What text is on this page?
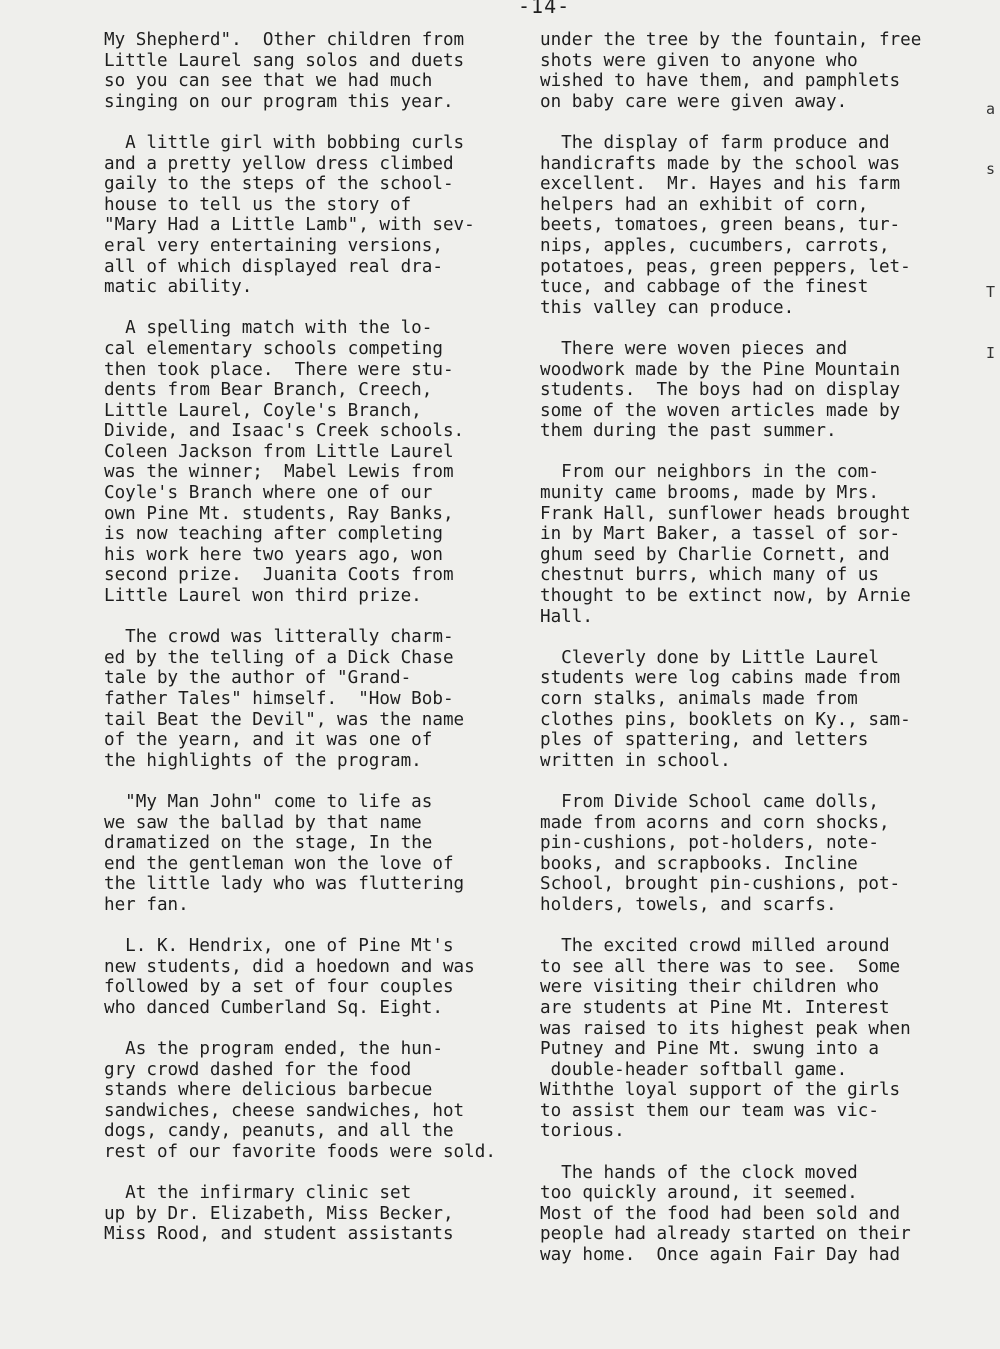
-14-

My Shepherd".  Other children from
Little Laurel sang solos and duets
so you can see that we had much
singing on our program this year.

A little girl with bobbing curls
and a pretty yellow dress climbed
gaily to the steps of the school-
house to tell us the story of
"Mary Had a Little Lamb", with sev-
eral very entertaining versions,
all of which displayed real dra-
matic ability.

A spelling match with the lo-
cal elementary schools competing
then took place.  There were stu-
dents from Bear Branch, Creech,
Little Laurel, Coyle's Branch,
Divide, and Isaac's Creek schools.
Coleen Jackson from Little Laurel
was the winner;  Mabel Lewis from
Coyle's Branch where one of our
own Pine Mt. students, Ray Banks,
is now teaching after completing
his work here two years ago, won
second prize.  Juanita Coots from
Little Laurel won third prize.

The crowd was litterally charm-
ed by the telling of a Dick Chase
tale by the author of "Grand-
father Tales" himself.  "How Bob-
tail Beat the Devil", was the name
of the yearn, and it was one of
the highlights of the program.

"My Man John" come to life as
we saw the ballad by that name
dramatized on the stage, In the
end the gentleman won the love of
the little lady who was fluttering
her fan.

L. K. Hendrix, one of Pine Mt's
new students, did a hoedown and was
followed by a set of four couples
who danced Cumberland Sq. Eight.

As the program ended, the hun-
gry crowd dashed for the food
stands where delicious barbecue
sandwiches, cheese sandwiches, hot
dogs, candy, peanuts, and all the
rest of our favorite foods were sold.

At the infirmary clinic set
up by Dr. Elizabeth, Miss Becker,
Miss Rood, and student assistants

under the tree by the fountain, free
shots were given to anyone who
wished to have them, and pamphlets
on baby care were given away.

The display of farm produce and
handicrafts made by the school was
excellent.  Mr. Hayes and his farm
helpers had an exhibit of corn,
beets, tomatoes, green beans, tur-
nips, apples, cucumbers, carrots,
potatoes, peas, green peppers, let-
tuce, and cabbage of the finest
this valley can produce.

There were woven pieces and
woodwork made by the Pine Mountain
students.  The boys had on display
some of the woven articles made by
them during the past summer.

From our neighbors in the com-
munity came brooms, made by Mrs.
Frank Hall, sunflower heads brought
in by Mart Baker, a tassel of sor-
ghum seed by Charlie Cornett, and
chestnut burrs, which many of us
thought to be extinct now, by Arnie
Hall.

Cleverly done by Little Laurel
students were log cabins made from
corn stalks, animals made from
clothes pins, booklets on Ky., sam-
ples of spattering, and letters
written in school.

From Divide School came dolls,
made from acorns and corn shocks,
pin-cushions, pot-holders, note-
books, and scrapbooks. Incline
School, brought pin-cushions, pot-
holders, towels, and scarfs.

The excited crowd milled around
to see all there was to see.  Some
were visiting their children who
are students at Pine Mt. Interest
was raised to its highest peak when
Putney and Pine Mt. swung into a
double-header softball game.
Withthe loyal support of the girls
to assist them our team was vic-
torious.

The hands of the clock moved
too quickly around, it seemed.
Most of the food had been sold and
people had already started on their
way home.  Once again Fair Day had

a
s
T
I
